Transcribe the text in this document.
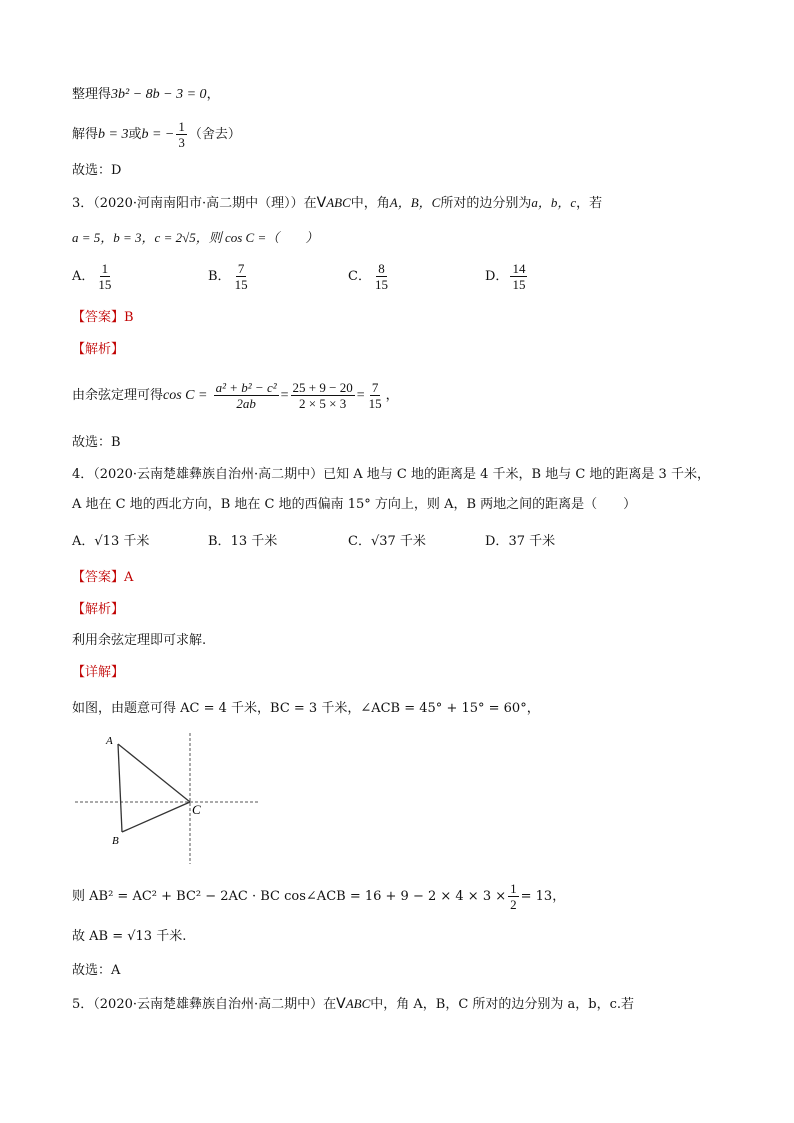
整理得3b² − 8b − 3 = 0，
解得b = 3或b = − $\frac{1}{3}$ （舍去）
故选：D
3．（2020·河南南阳市·高二期中（理））在VABC中，角A，B，C所对的边分别为a，b，c，若
a = 5，b = 3，c = 2√5，则 cos C =（　　）
A． $\frac{1}{15}$	B． $\frac{7}{15}$	C． $\frac{8}{15}$	D． $\frac{14}{15}$
【答案】B
【解析】
由余弦定理可得$\cos C = \frac{\text{a² + b² − c²}}{2ab} = \frac{25 + 9 - 20}{2 \times 5 \times 3} = \frac{7}{15}$ ，
故选：B
4．（2020·云南楚雄彝族自治州·高二期中）已知 A 地与 C 地的距离是 4 千米，B 地与 C 地的距离是 3 千米，
A 地在 C 地的西北方向，B 地在 C 地的西偏南 15° 方向上，则 A，B 两地之间的距离是（　　）
A．√13 千米	B．13 千米	C．√37 千米	D．37 千米
【答案】A
【解析】
利用余弦定理即可求解.
【详解】
如图，由题意可得 AC = 4 千米，BC = 3 千米，∠ACB = 45° + 15° = 60°，
A
B
C
则 AB² = AC² + BC² − 2AC · BC cos∠ACB = $16 + 9 - 2 \times 4 \times 3 \times \frac{1}{2} = 13$，
故 AB = √13 千米.
故选：A
5．（2020·云南楚雄彝族自治州·高二期中）在VABC中，角 A，B，C 所对的边分别为 a，b，c.若
